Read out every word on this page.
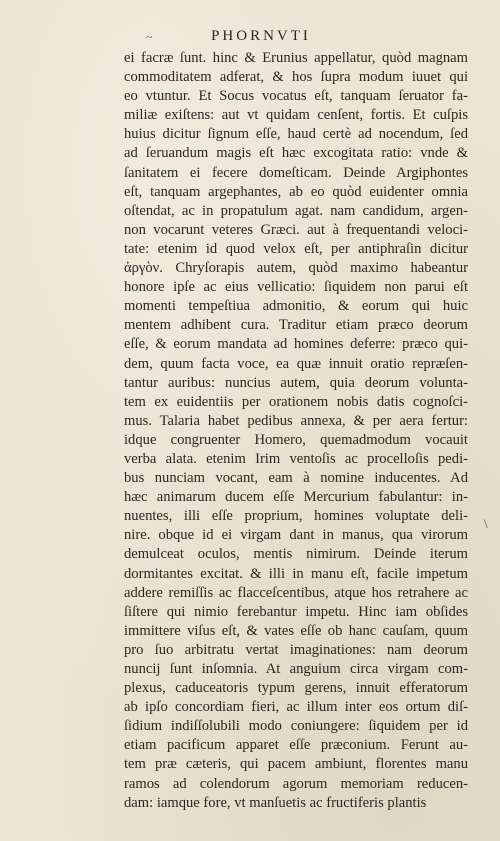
~	PHORNVTI
ei facræ ſunt. hinc & Erunius appellatur, quòd magnam
commoditatem adferat, & hos ſupra modum iuuet qui
eo vtuntur. Et Socus vocatus eſt, tanquam ſeruator fa-
miliæ exiſtens: aut vt quidam cenſent, fortis. Et cuſpis
huius dicitur ſignum eſſe, haud certè ad nocendum, ſed
ad ſeruandum magis eſt hæc excogitata ratio: vnde &
ſanitatem ei fecere domeſticam. Deinde Argiphontes
eſt, tanquam argephantes, ab eo quòd euidenter omnia
oſtendat, ac in propatulum agat. nam candidum, argen-
non vocarunt veteres Græci. aut à frequentandi veloci-
tate: etenim id quod velox eſt, per antiphraſin dicitur
ἀργὸν. Chryſorapis autem, quòd maximo habeantur
honore ipſe ac eius vellicatio: ſiquidem non parui eſt
momenti tempeſtiua admonitio, & eorum qui huic
mentem adhibent cura. Traditur etiam præco deorum
eſſe, & eorum mandata ad homines deferre: præco qui-
dem, quum facta voce, ea quæ innuit oratio repræſen-
tantur auribus: nuncius autem, quia deorum volunta-
tem ex euidentiis per orationem nobis datis cognoſci-
mus. Talaria habet pedibus annexa, & per aera fertur:
idque congruenter Homero, quemadmodum vocauit
verba alata. etenim Irim ventoſis ac procelloſis pedi-
bus nunciam vocant, eam à nomine inducentes. Ad
hæc animarum ducem eſſe Mercurium fabulantur: in-
nuentes, illi eſſe proprium, homines voluptate deli-
nire. obque id ei virgam dant in manus, qua virorum
demulceat oculos, mentis nimirum. Deinde iterum
dormitantes excitat. & illi in manu eſt, facile impetum
addere remiſſis ac flacceſcentibus, atque hos retrahere ac
ſiſtere qui nimio ferebantur impetu. Hinc iam obſides
immittere viſus eſt, & vates eſſe ob hanc cauſam, quum
pro ſuo arbitratu vertat imaginationes: nam deorum
nuncij ſunt inſomnia. At anguium circa virgam com-
plexus, caduceatoris typum gerens, innuit efferatorum
ab ipſo concordiam fieri, ac illum inter eos ortum diſ-
ſidium indiſſolubili modo coniungere: ſiquidem per id
etiam pacificum apparet eſſe præconium. Ferunt au-
tem præ cæteris, qui pacem ambiunt, florentes manu
ramos ad colendorum agorum memoriam reducen-
dam: iamque fore, vt manſuetis ac fructiferis plantis
\
